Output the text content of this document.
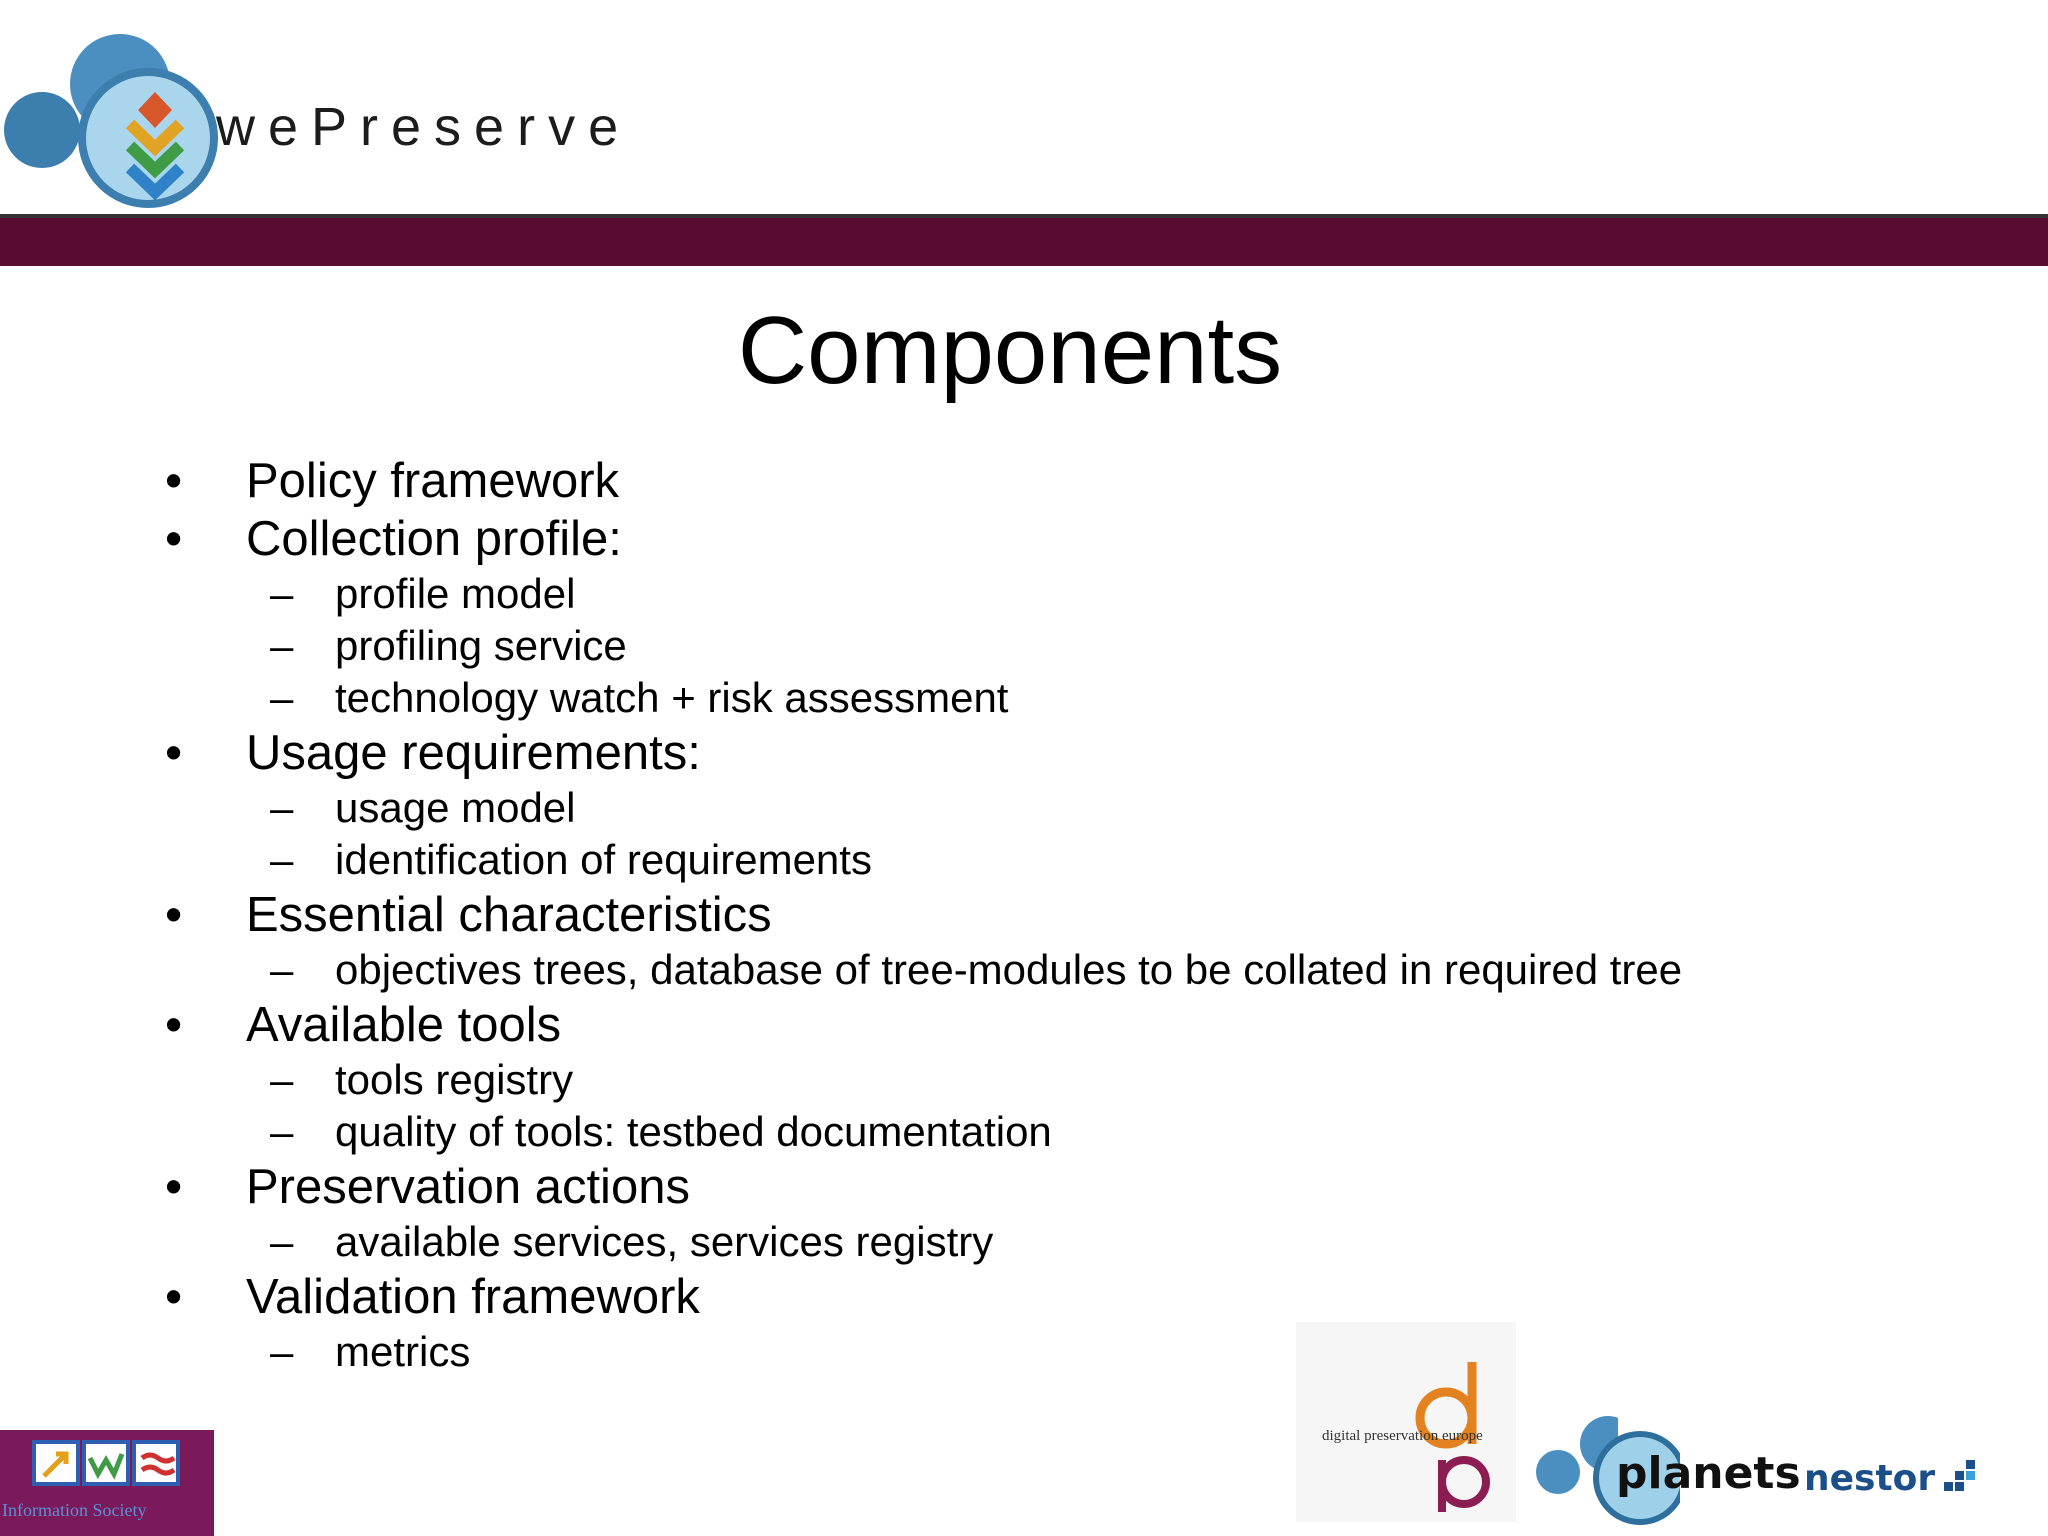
wePreserve
Components
• Policy framework
• Collection profile:
– profile model
– profiling service
– technology watch + risk assessment
• Usage requirements:
– usage model
– identification of requirements
• Essential characteristics
– objectives trees, database of tree-modules to be collated in required tree
• Available tools
– tools registry
– quality of tools: testbed documentation
• Preservation actions
– available services, services registry
• Validation framework
– metrics
digital preservation europe
planets nestor
Information Society
